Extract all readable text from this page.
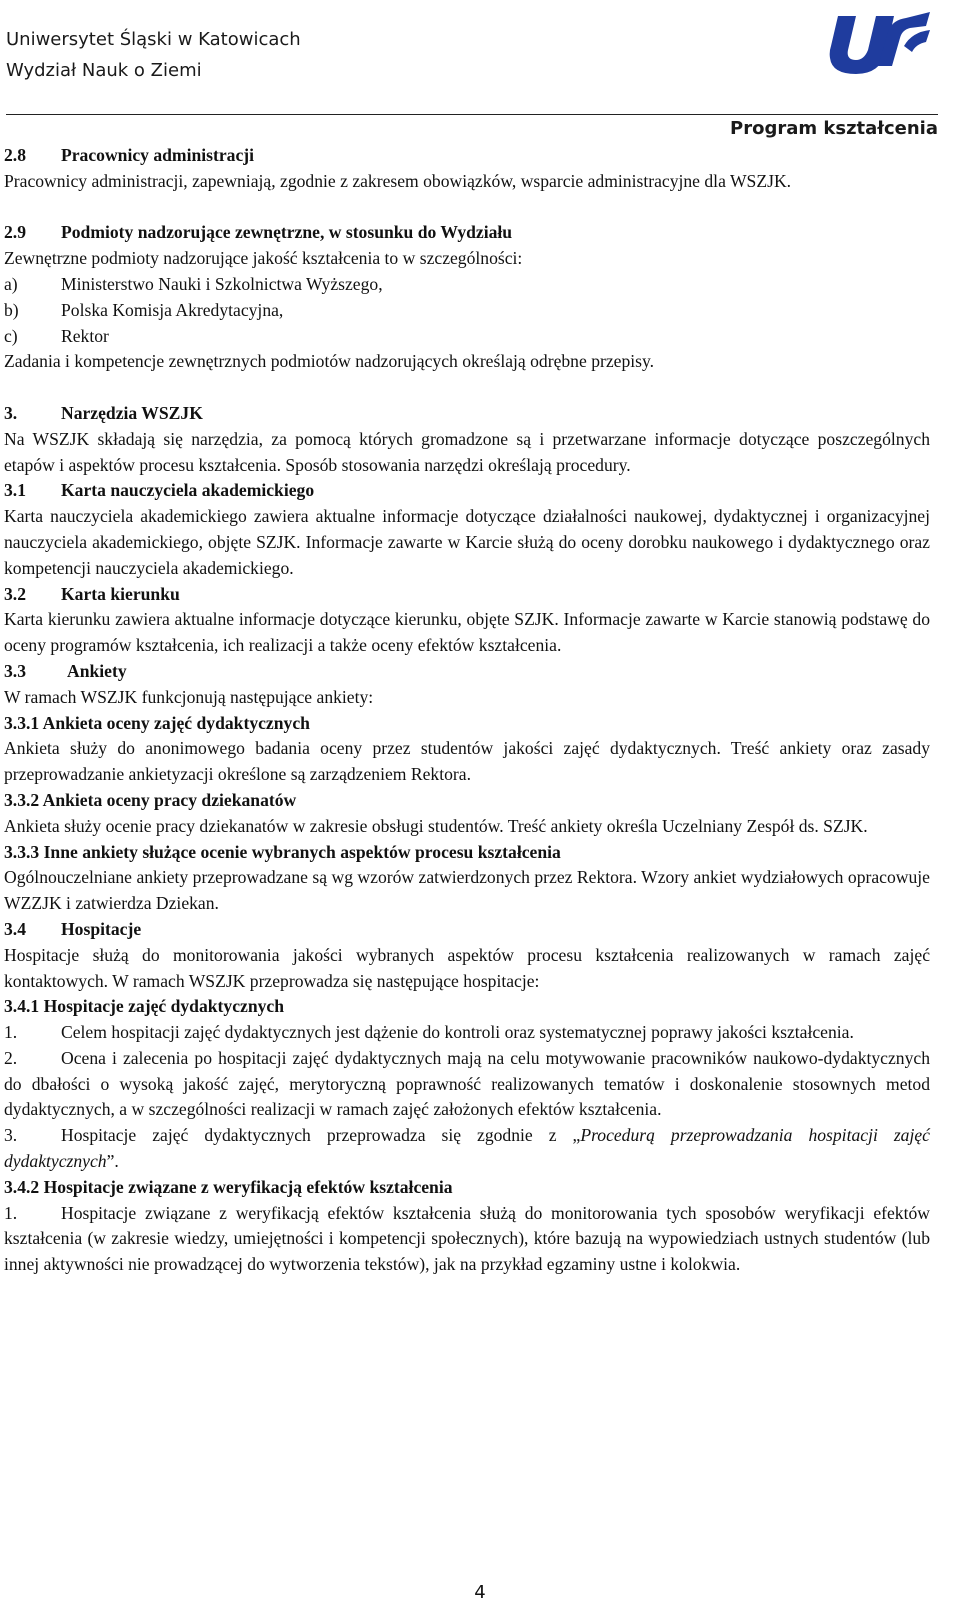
Uniwersytet Śląski w Katowicach
Wydział Nauk o Ziemi
Program kształcenia

2.8 Pracownicy administracji

Pracownicy administracji, zapewniają, zgodnie z zakresem obowiązków, wsparcie administracyjne dla WSZJK.

2.9 Podmioty nadzorujące zewnętrzne, w stosunku do Wydziału

Zewnętrzne podmioty nadzorujące jakość kształcenia to w szczególności:

a) Ministerstwo Nauki i Szkolnictwa Wyższego,

b) Polska Komisja Akredytacyjna,

c) Rektor

Zadania i kompetencje zewnętrznych podmiotów nadzorujących określają odrębne przepisy.

3. Narzędzia WSZJK

Na WSZJK składają się narzędzia, za pomocą których gromadzone są i przetwarzane informacje dotyczące poszczególnych etapów i aspektów procesu kształcenia. Sposób stosowania narzędzi określają procedury.

3.1 Karta nauczyciela akademickiego

Karta nauczyciela akademickiego zawiera aktualne informacje dotyczące działalności naukowej, dydaktycznej i organizacyjnej nauczyciela akademickiego, objęte SZJK. Informacje zawarte w Karcie służą do oceny dorobku naukowego i dydaktycznego oraz kompetencji nauczyciela akademickiego.

3.2 Karta kierunku

Karta kierunku zawiera aktualne informacje dotyczące kierunku, objęte SZJK. Informacje zawarte w Karcie stanowią podstawę do oceny programów kształcenia, ich realizacji a także oceny efektów kształcenia.

3.3 Ankiety

W ramach WSZJK funkcjonują następujące ankiety:

3.3.1 Ankieta oceny zajęć dydaktycznych

Ankieta służy do anonimowego badania oceny przez studentów jakości zajęć dydaktycznych. Treść ankiety oraz zasady przeprowadzanie ankietyzacji określone są zarządzeniem Rektora.

3.3.2 Ankieta oceny pracy dziekanatów

Ankieta służy ocenie pracy dziekanatów w zakresie obsługi studentów. Treść ankiety określa Uczelniany Zespół ds. SZJK.

3.3.3 Inne ankiety służące ocenie wybranych aspektów procesu kształcenia

Ogólnouczelniane ankiety przeprowadzane są wg wzorów zatwierdzonych przez Rektora. Wzory ankiet wydziałowych opracowuje WZZJK i zatwierdza Dziekan.

3.4 Hospitacje

Hospitacje służą do monitorowania jakości wybranych aspektów procesu kształcenia realizowanych w ramach zajęć kontaktowych. W ramach WSZJK przeprowadza się następujące hospitacje:

3.4.1 Hospitacje zajęć dydaktycznych

1. Celem hospitacji zajęć dydaktycznych jest dążenie do kontroli oraz systematycznej poprawy jakości kształcenia.

2. Ocena i zalecenia po hospitacji zajęć dydaktycznych mają na celu motywowanie pracowników naukowo-dydaktycznych do dbałości o wysoką jakość zajęć, merytoryczną poprawność realizowanych tematów i doskonalenie stosownych metod dydaktycznych, a w szczególności realizacji w ramach zajęć założonych efektów kształcenia.

3. Hospitacje zajęć dydaktycznych przeprowadza się zgodnie z „Procedurą przeprowadzania hospitacji zajęć dydaktycznych”.

3.4.2 Hospitacje związane z weryfikacją efektów kształcenia

1. Hospitacje związane z weryfikacją efektów kształcenia służą do monitorowania tych sposobów weryfikacji efektów kształcenia (w zakresie wiedzy, umiejętności i kompetencji społecznych), które bazują na wypowiedziach ustnych studentów (lub innej aktywności nie prowadzącej do wytworzenia tekstów), jak na przykład egzaminy ustne i kolokwia.

4
